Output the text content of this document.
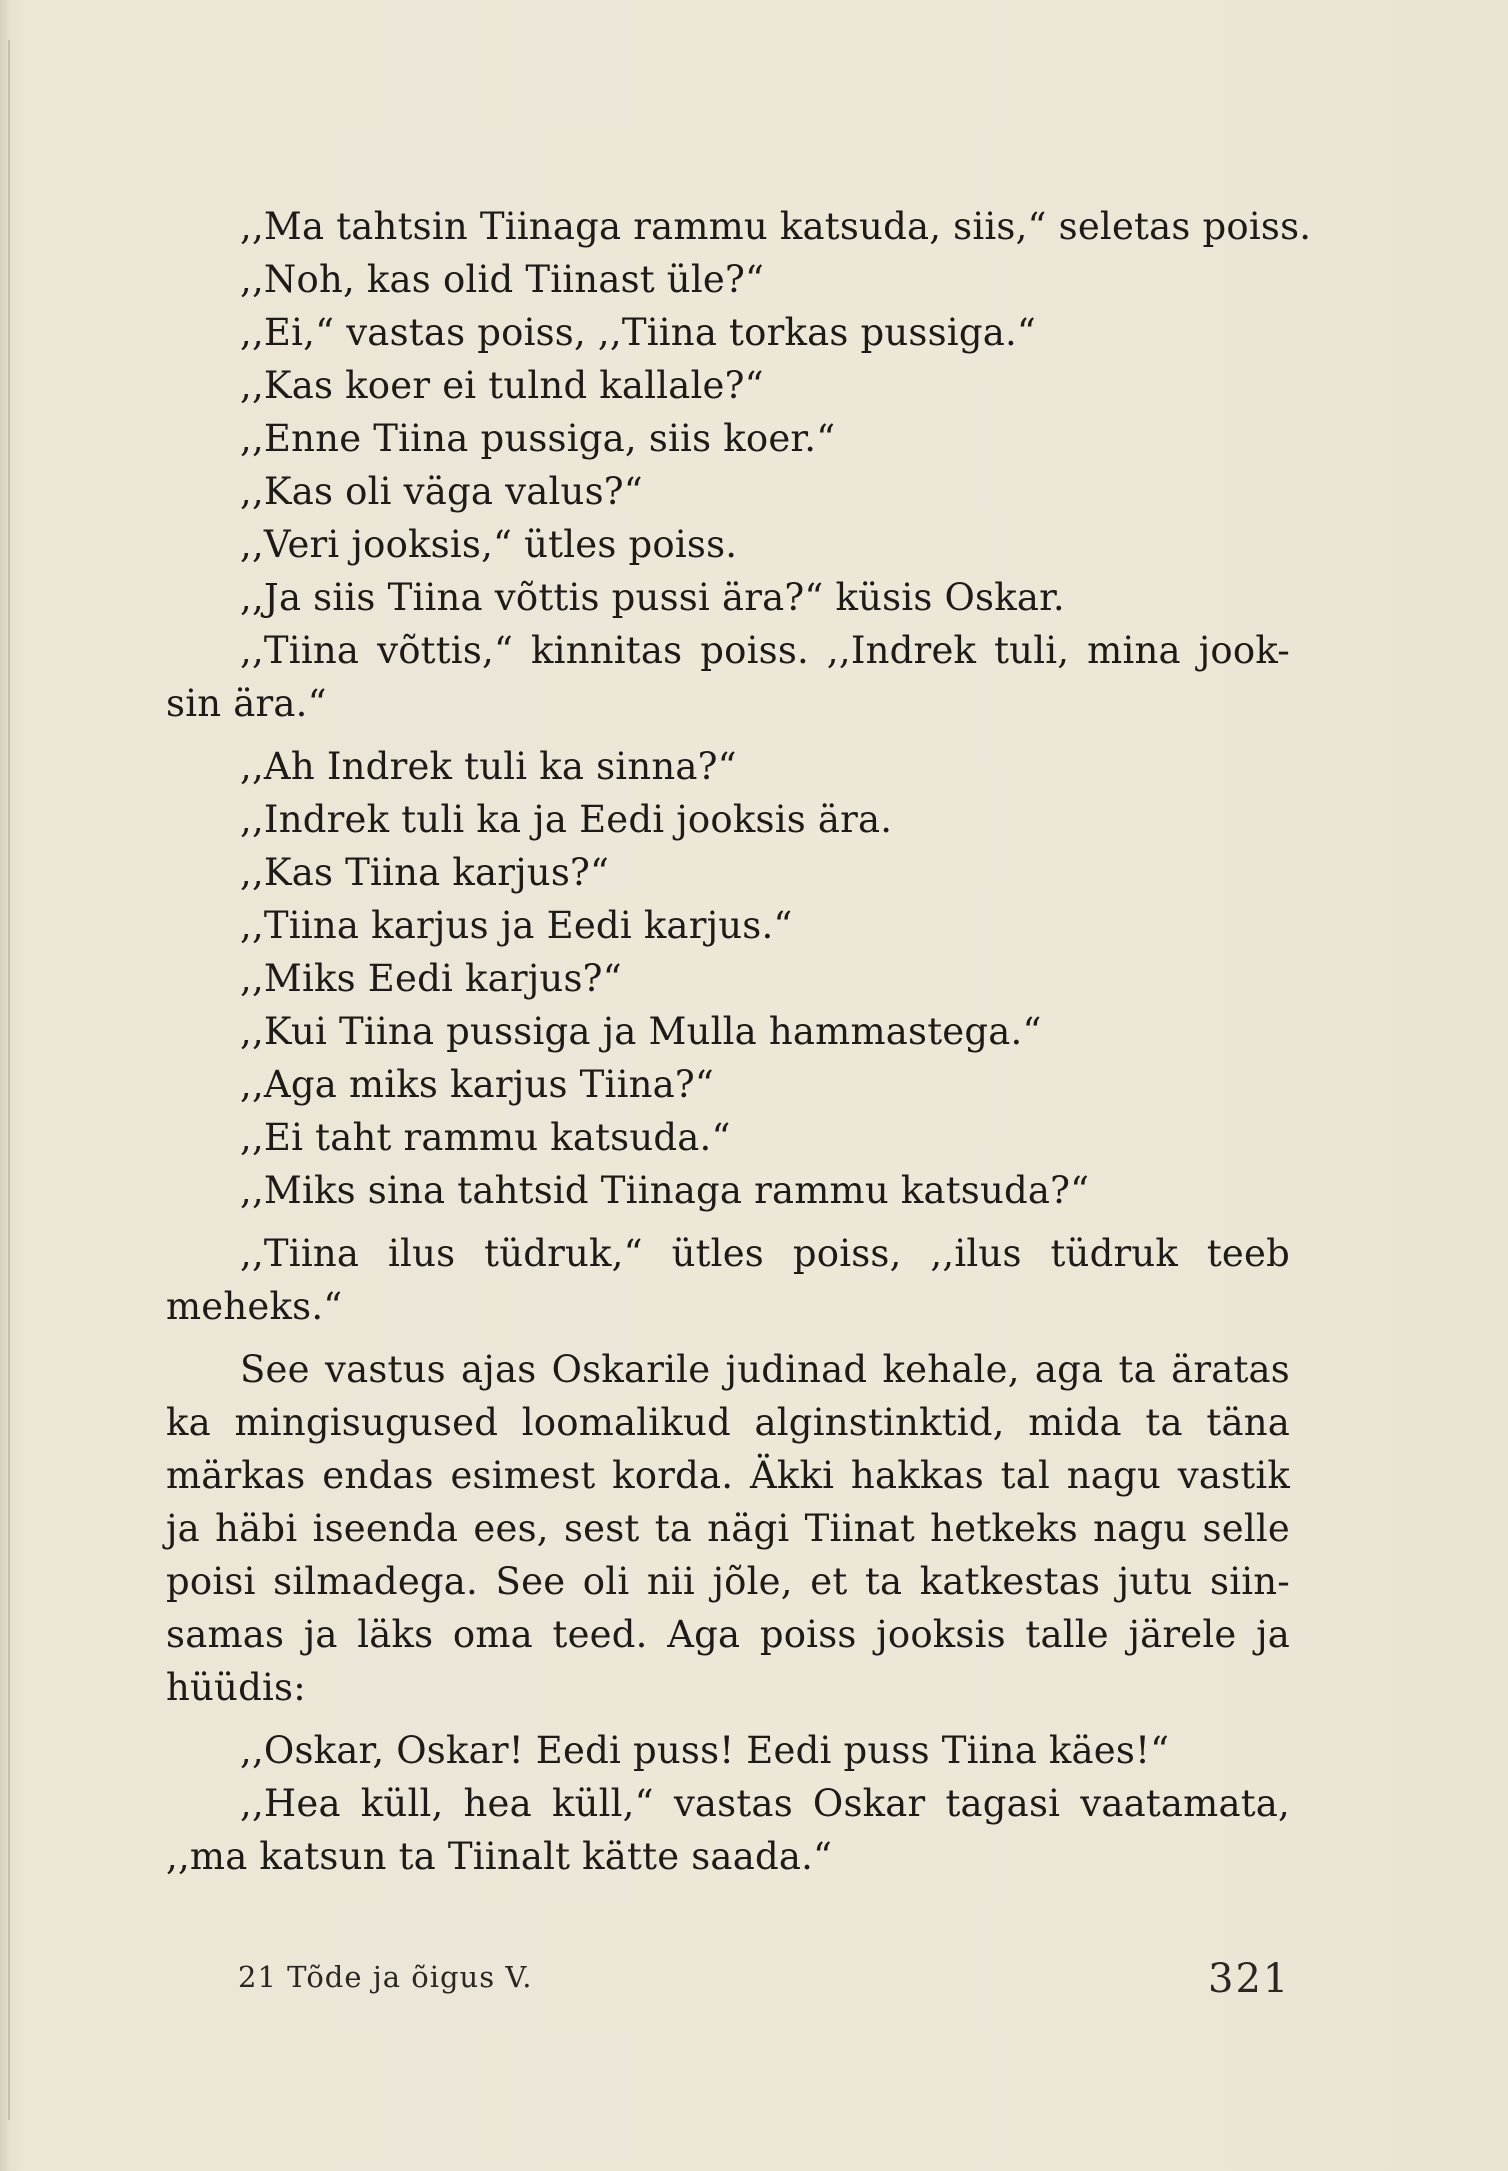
,,Ma tahtsin Tiinaga rammu katsuda, siis,“ seletas poiss.
,,Noh, kas olid Tiinast üle?“
,,Ei,“ vastas poiss, ,,Tiina torkas pussiga.“
,,Kas koer ei tulnd kallale?“
,,Enne Tiina pussiga, siis koer.“
,,Kas oli väga valus?“
,,Veri jooksis,“ ütles poiss.
,,Ja siis Tiina võttis pussi ära?“ küsis Oskar.
,,Tiina võttis,“ kinnitas poiss. ,,Indrek tuli, mina jook-
sin ära.“
,,Ah Indrek tuli ka sinna?“
,,Indrek tuli ka ja Eedi jooksis ära.
,,Kas Tiina karjus?“
,,Tiina karjus ja Eedi karjus.“
,,Miks Eedi karjus?“
,,Kui Tiina pussiga ja Mulla hammastega.“
,,Aga miks karjus Tiina?“
,,Ei taht rammu katsuda.“
,,Miks sina tahtsid Tiinaga rammu katsuda?“
,,Tiina ilus tüdruk,“ ütles poiss, ,,ilus tüdruk teeb
meheks.“
See vastus ajas Oskarile judinad kehale, aga ta äratas
ka mingisugused loomalikud alginstinktid, mida ta täna
märkas endas esimest korda. Äkki hakkas tal nagu vastik
ja häbi iseenda ees, sest ta nägi Tiinat hetkeks nagu selle
poisi silmadega. See oli nii jõle, et ta katkestas jutu siin-
samas ja läks oma teed. Aga poiss jooksis talle järele ja
hüüdis:
,,Oskar, Oskar! Eedi puss! Eedi puss Tiina käes!“
,,Hea küll, hea küll,“ vastas Oskar tagasi vaatamata,
,,ma katsun ta Tiinalt kätte saada.“
21 Tõde ja õigus V.	321
